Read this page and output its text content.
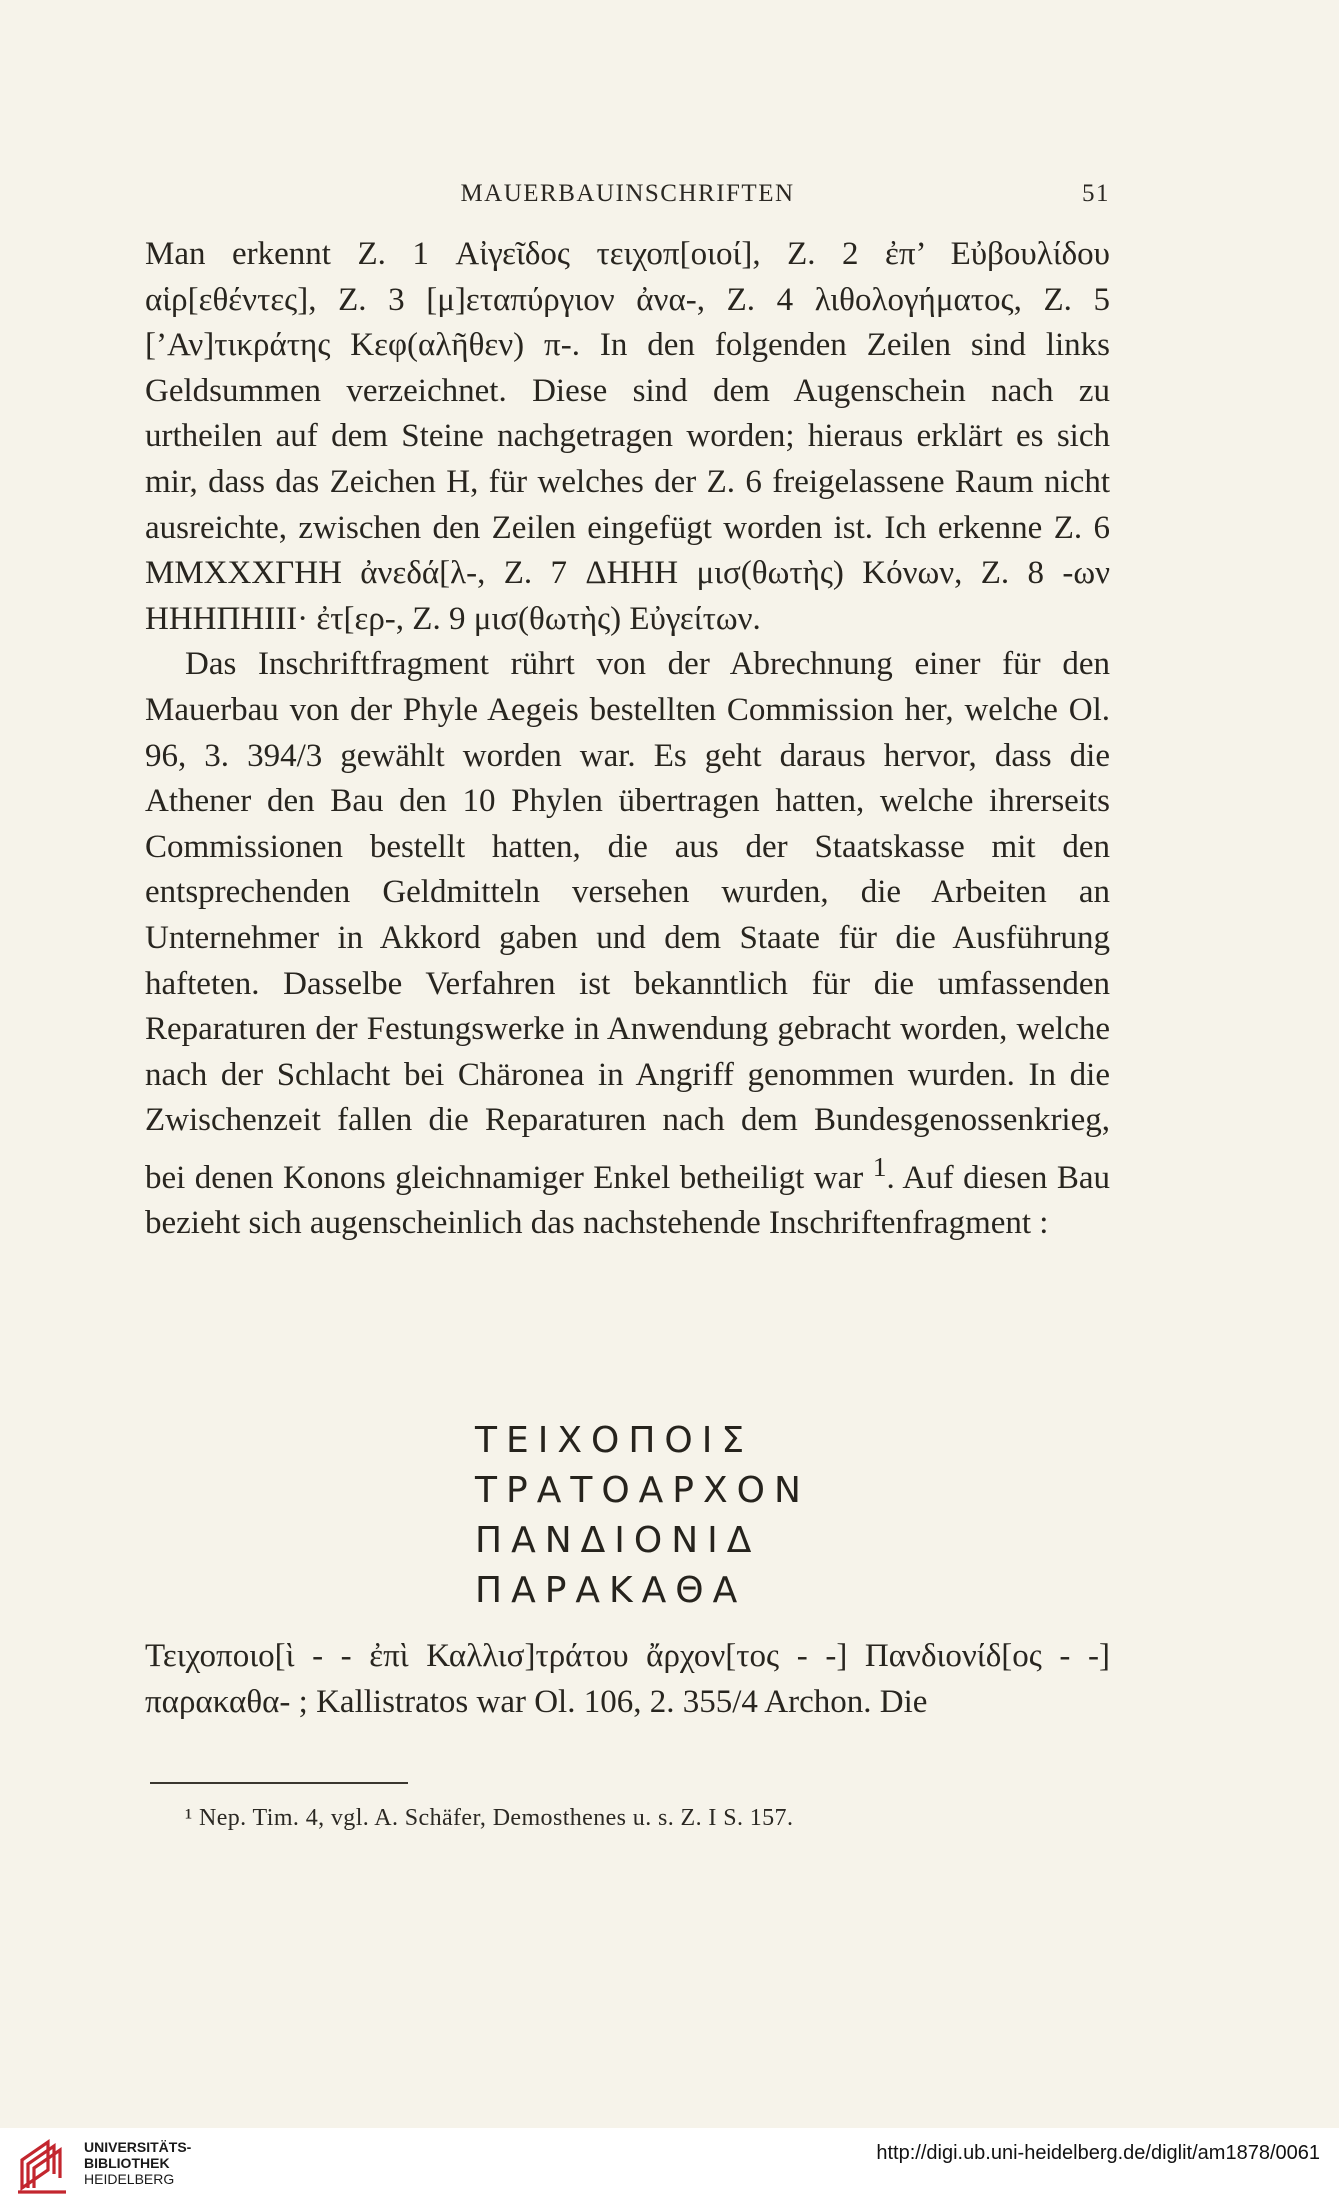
MAUERBAUINSCHRIFTEN	51

Man erkennt Z. 1 Αἰγεῖδος τειχοπ[οιοί], Z. 2 ἐπ’ Εὐβουλίδου αἱρ[εθέντες], Z. 3 [μ]εταπύργιον ἀνα-, Z. 4 λιθολογήματος, Z. 5 [’Αν]τικράτης Κεφ(αλῆθεν) π-. In den folgenden Zeilen sind links Geldsummen verzeichnet. Diese sind dem Augenschein nach zu urtheilen auf dem Steine nachgetragen worden; hieraus erklärt es sich mir, dass das Zeichen Η, für welches der Z. 6 freigelassene Raum nicht ausreichte, zwischen den Zeilen eingefügt worden ist. Ich erkenne Z. 6 ΜΜΧΧΧΓΗΗ ἀνεδά[λ-, Z. 7 ΔΗΗΗ μισ(θωτὴς) Κόνων, Z. 8 -ων ΗΗΗΠΗΙΙΙ· ἐτ[ερ-, Z. 9 μισ(θωτὴς) Εὐγείτων.

Das Inschriftfragment rührt von der Abrechnung einer für den Mauerbau von der Phyle Aegeis bestellten Commission her, welche Ol. 96, 3. 394/3 gewählt worden war. Es geht daraus hervor, dass die Athener den Bau den 10 Phylen übertragen hatten, welche ihrerseits Commissionen bestellt hatten, die aus der Staatskasse mit den entsprechenden Geldmitteln versehen wurden, die Arbeiten an Unternehmer in Akkord gaben und dem Staate für die Ausführung hafteten. Dasselbe Verfahren ist bekanntlich für die umfassenden Reparaturen der Festungswerke in Anwendung gebracht worden, welche nach der Schlacht bei Chäronea in Angriff genommen wurden. In die Zwischenzeit fallen die Reparaturen nach dem Bundesgenossenkrieg, bei denen Konons gleichnamiger Enkel betheiligt war $^1$. Auf diesen Bau bezieht sich augenscheinlich das nachstehende Inschriftenfragment :

ΤΕΙΧΟΠΟΙΣ
ΤΡΑΤΟΑΡΧΟΝ
ΠΑΝΔΙΟΝΙΔ
ΠΑΡΑΚΑΘΑ
Τειχοποιο[ὶ - - ἐπὶ Καλλισ]τράτου ἄρχον[τος - -] Πανδιονίδ[ος - -] παρακαθα- ; Kallistratos war Ol. 106, 2. 355/4 Archon. Die
¹ Nep. Tim. 4, vgl. A. Schäfer, Demosthenes u. s. Z. I S. 157.
UNIVERSITÄTS-
BIBLIOTHEK
HEIDELBERG
http://digi.ub.uni-heidelberg.de/diglit/am1878/0061
